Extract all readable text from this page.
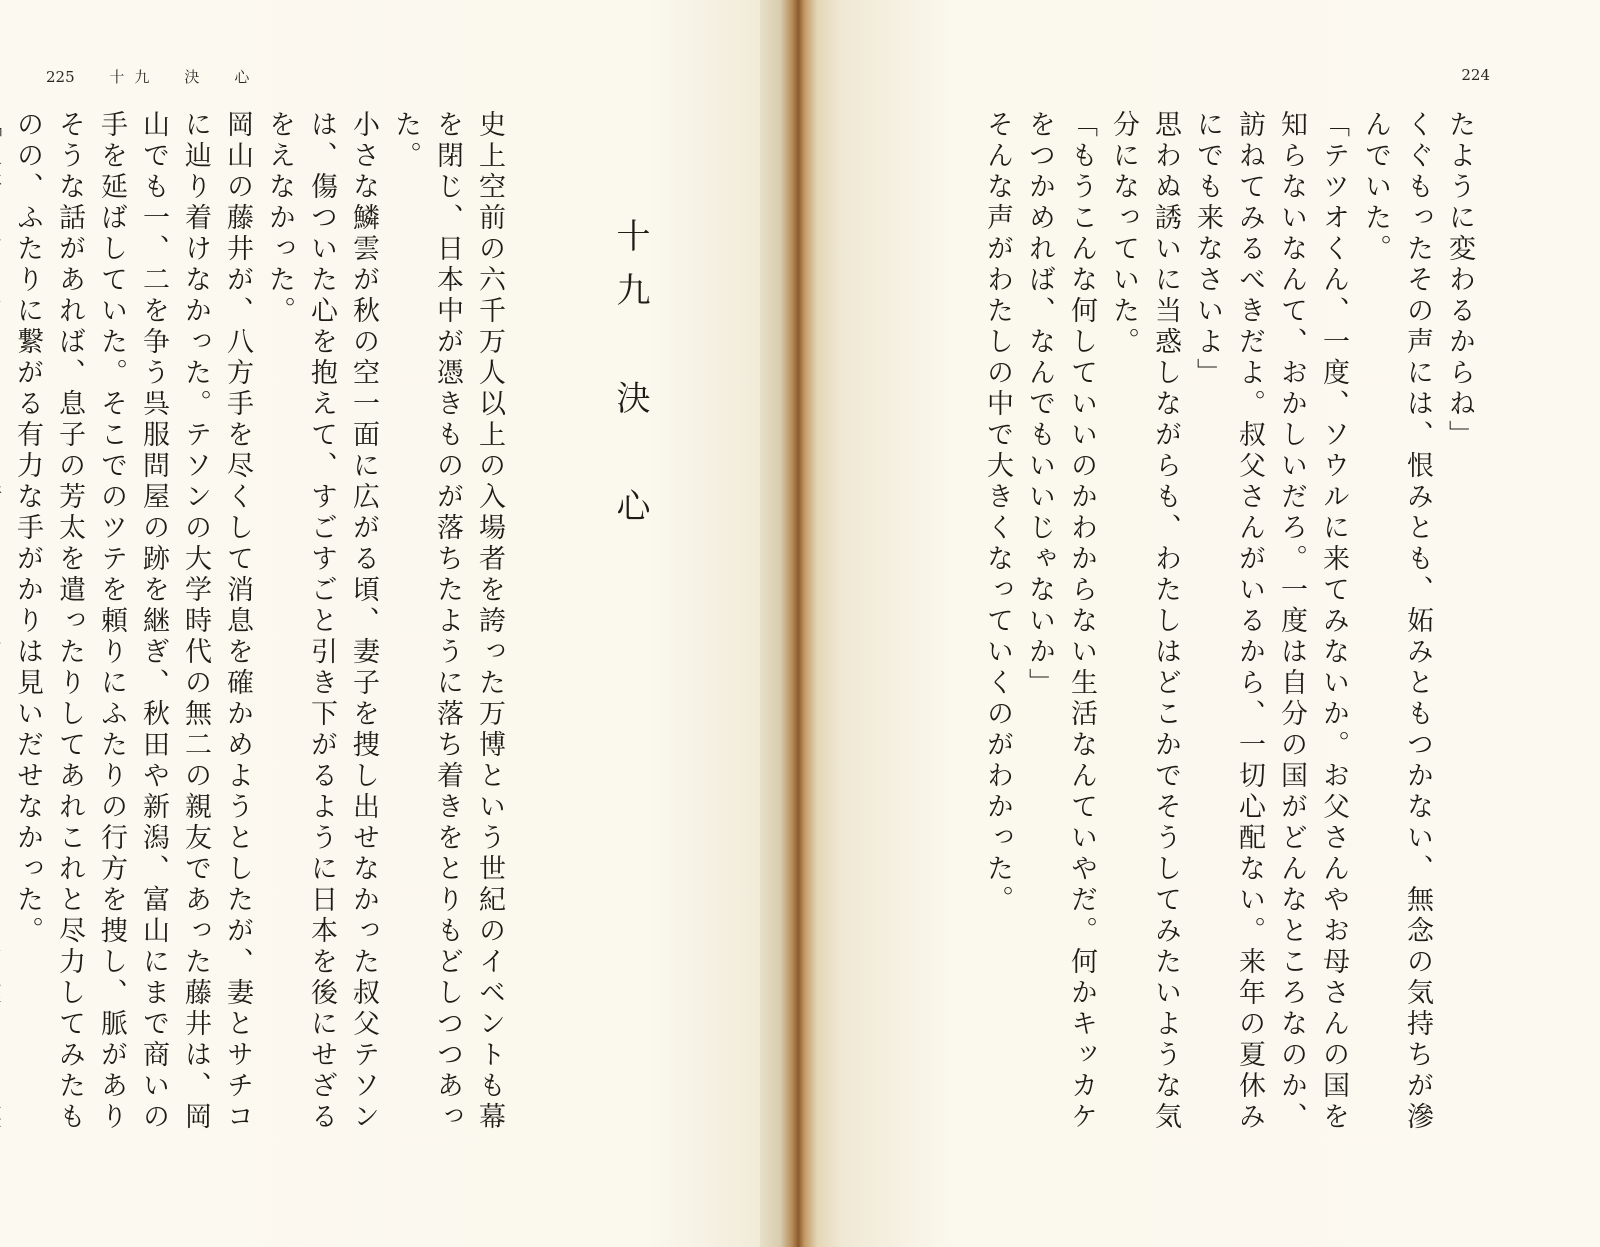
225 十九　決　心
十九　決　心

史上空前の六千万人以上の入場者を誇った万博という世紀のイベントも幕を閉じ、日本中が憑きものが落ちたように落ち着きをとりもどしつつあった。

小さな鱗雲が秋の空一面に広がる頃、妻子を捜し出せなかった叔父テソンは、傷ついた心を抱えて、すごすごと引き下がるように日本を後にせざるをえなかった。

岡山の藤井が、八方手を尽くして消息を確かめようとしたが、妻とサチコに辿り着けなかった。テソンの大学時代の無二の親友であった藤井は、岡山でも一、二を争う呉服問屋の跡を継ぎ、秋田や新潟、富山にまで商いの手を延ばしていた。そこでのツテを頼りにふたりの行方を捜し、脈がありそうな話があれば、息子の芳太を遣ったりしてあれこれと尽力してみたものの、ふたりに繋がる有力な手がかりは見いだせなかった。

224

たように変わるからね」

くぐもったその声には、恨みとも、妬みともつかない、無念の気持ちが滲んでいた。

「テツオくん、一度、ソウルに来てみないか。お父さんやお母さんの国を知らないなんて、おかしいだろ。一度は自分の国がどんなところなのか、訪ねてみるべきだよ。叔父さんがいるから、一切心配ない。来年の夏休みにでも来なさいよ」

思わぬ誘いに当惑しながらも、わたしはどこかでそうしてみたいような気分になっていた。

「もうこんな何していいのかわからない生活なんていやだ。何かキッカケをつかめれば、なんでもいいじゃないか」

そんな声がわたしの中で大きくなっていくのがわかった。
